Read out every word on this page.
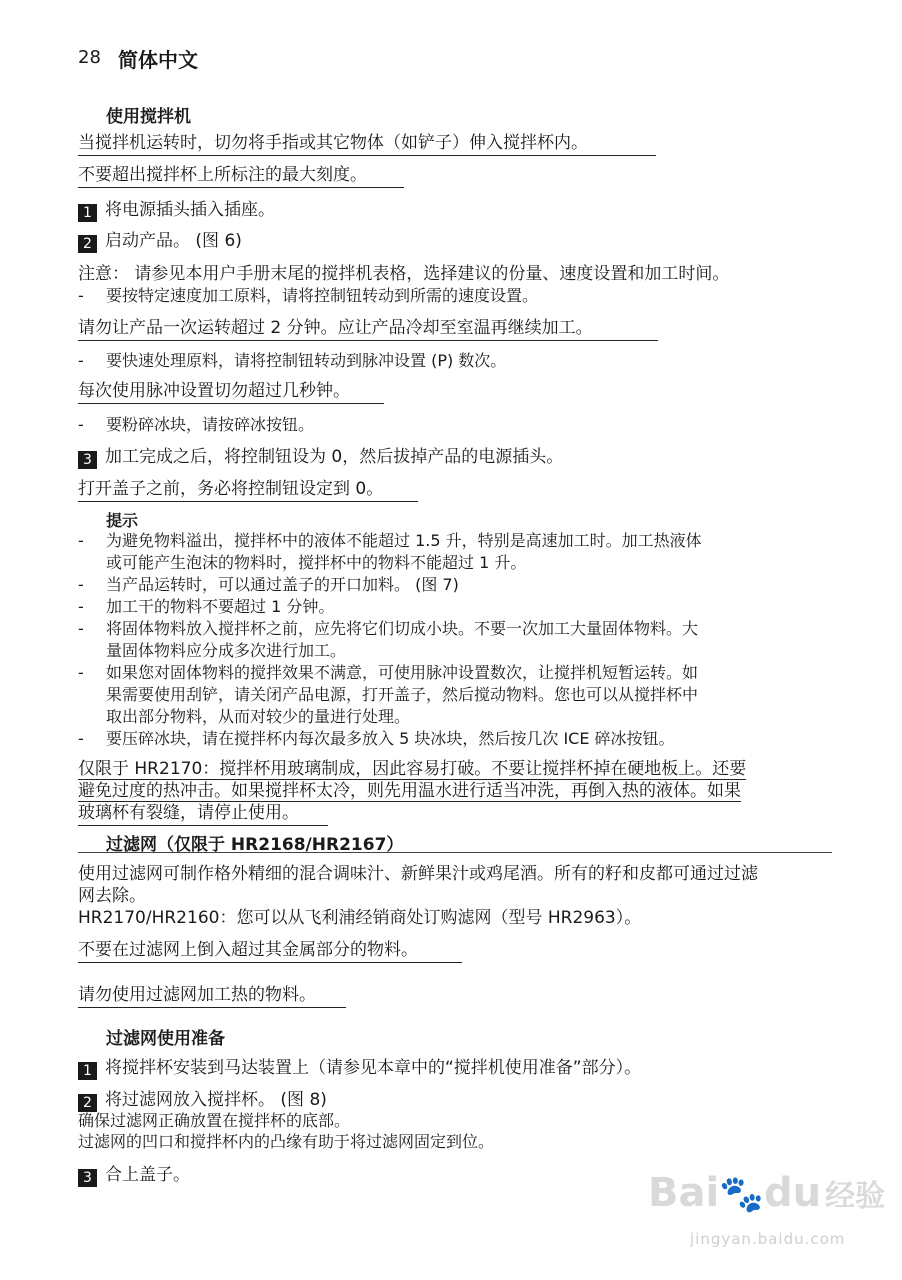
28 简体中文
使用搅拌机
当搅拌机运转时，切勿将手指或其它物体（如铲子）伸入搅拌杯内。
不要超出搅拌杯上所标注的最大刻度。
1 将电源插头插入插座。
2 启动产品。 (图 6)
注意： 请参见本用户手册末尾的搅拌机表格，选择建议的份量、速度设置和加工时间。
- 要按特定速度加工原料，请将控制钮转动到所需的速度设置。
请勿让产品一次运转超过 2 分钟。应让产品冷却至室温再继续加工。
- 要快速处理原料，请将控制钮转动到脉冲设置 (P) 数次。
每次使用脉冲设置切勿超过几秒钟。
- 要粉碎冰块，请按碎冰按钮。
3 加工完成之后，将控制钮设为 0，然后拔掉产品的电源插头。
打开盖子之前，务必将控制钮设定到 0。
提示
- 为避免物料溢出，搅拌杯中的液体不能超过 1.5 升，特别是高速加工时。加工热液体
或可能产生泡沫的物料时，搅拌杯中的物料不能超过 1 升。
- 当产品运转时，可以通过盖子的开口加料。 (图 7)
- 加工干的物料不要超过 1 分钟。
- 将固体物料放入搅拌杯之前，应先将它们切成小块。不要一次加工大量固体物料。大
量固体物料应分成多次进行加工。
- 如果您对固体物料的搅拌效果不满意，可使用脉冲设置数次，让搅拌机短暂运转。如
果需要使用刮铲，请关闭产品电源，打开盖子，然后搅动物料。您也可以从搅拌杯中
取出部分物料，从而对较少的量进行处理。
- 要压碎冰块，请在搅拌杯内每次最多放入 5 块冰块，然后按几次 ICE 碎冰按钮。
仅限于 HR2170：搅拌杯用玻璃制成，因此容易打破。不要让搅拌杯掉在硬地板上。还要
避免过度的热冲击。如果搅拌杯太冷，则先用温水进行适当冲洗，再倒入热的液体。如果
玻璃杯有裂缝，请停止使用。
过滤网（仅限于 HR2168/HR2167）
使用过滤网可制作格外精细的混合调味汁、新鲜果汁或鸡尾酒。所有的籽和皮都可通过过滤
网去除。
HR2170/HR2160：您可以从飞利浦经销商处订购滤网（型号 HR2963）。
不要在过滤网上倒入超过其金属部分的物料。
请勿使用过滤网加工热的物料。
过滤网使用准备
1 将搅拌杯安装到马达装置上（请参见本章中的“搅拌机使用准备”部分）。
2 将过滤网放入搅拌杯。 (图 8)
确保过滤网正确放置在搅拌杯的底部。
过滤网的凹口和搅拌杯内的凸缘有助于将过滤网固定到位。
3 合上盖子。	Bai🐾du 经验
jingyan.baidu.com
